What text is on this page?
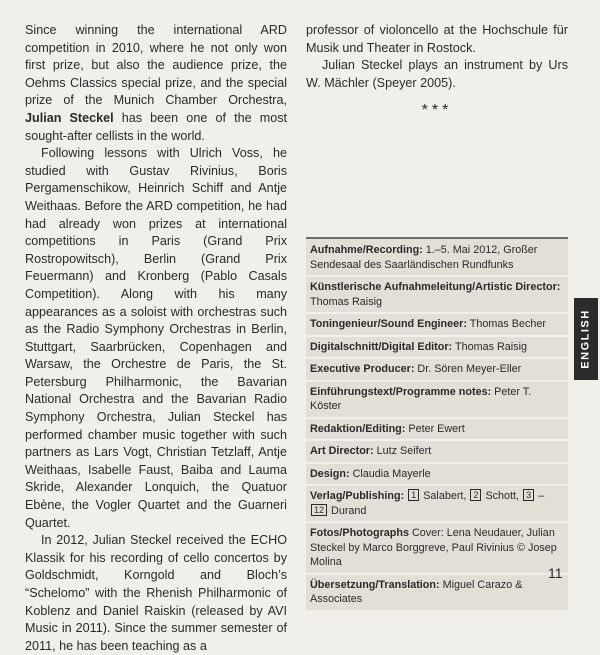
Since winning the international ARD competition in 2010, where he not only won first prize, but also the audience prize, the Oehms Classics special prize, and the special prize of the Munich Chamber Orchestra, Julian Steckel has been one of the most sought-after cellists in the world.

Following lessons with Ulrich Voss, he studied with Gustav Rivinius, Boris Pergamenschikow, Heinrich Schiff and Antje Weithaas. Before the ARD competition, he had had already won prizes at international competitions in Paris (Grand Prix Rostropowitsch), Berlin (Grand Prix Feuermann) and Kronberg (Pablo Casals Competition). Along with his many appearances as a soloist with orchestras such as the Radio Symphony Orchestras in Berlin, Stuttgart, Saarbrücken, Copenhagen and Warsaw, the Orchestre de Paris, the St. Petersburg Philharmonic, the Bavarian National Orchestra and the Bavarian Radio Symphony Orchestra, Julian Steckel has performed chamber music together with such partners as Lars Vogt, Christian Tetzlaff, Antje Weithaas, Isabelle Faust, Baiba and Lauma Skride, Alexander Lonquich, the Quatuor Ebène, the Vogler Quartet and the Guarneri Quartet.

In 2012, Julian Steckel received the ECHO Klassik for his recording of cello concertos by Goldschmidt, Korngold and Bloch’s “Schelomo” with the Rhenish Philharmonic of Koblenz and Daniel Raiskin (released by AVI Music in 2011). Since the summer semester of 2011, he has been teaching as a

professor of violoncello at the Hochschule für Musik und Theater in Rostock.

Julian Steckel plays an instrument by Urs W. Mächler (Speyer 2005).

***
Aufnahme/Recording: 1.–5. Mai 2012, Großer Sendesaal des Saarländischen Rundfunks
Künstlerische Aufnahmeleitung/Artistic Director: Thomas Raisig
Toningenieur/Sound Engineer: Thomas Becher
Digitalschnitt/Digital Editor: Thomas Raisig
Executive Producer: Dr. Sören Meyer-Eller
Einführungstext/Programme notes: Peter T. Köster
Redaktion/Editing: Peter Ewert
Art Director: Lutz Seifert
Design: Claudia Mayerle
Verlag/Publishing: 1 Salabert, 2 Schott, 3 – 12 Durand
Fotos/Photographs Cover: Lena Neudauer, Julian Steckel by Marco Borggreve, Paul Rivinius © Josep Molina
Übersetzung/Translation: Miguel Carazo & Associates
ENGLISH
11
